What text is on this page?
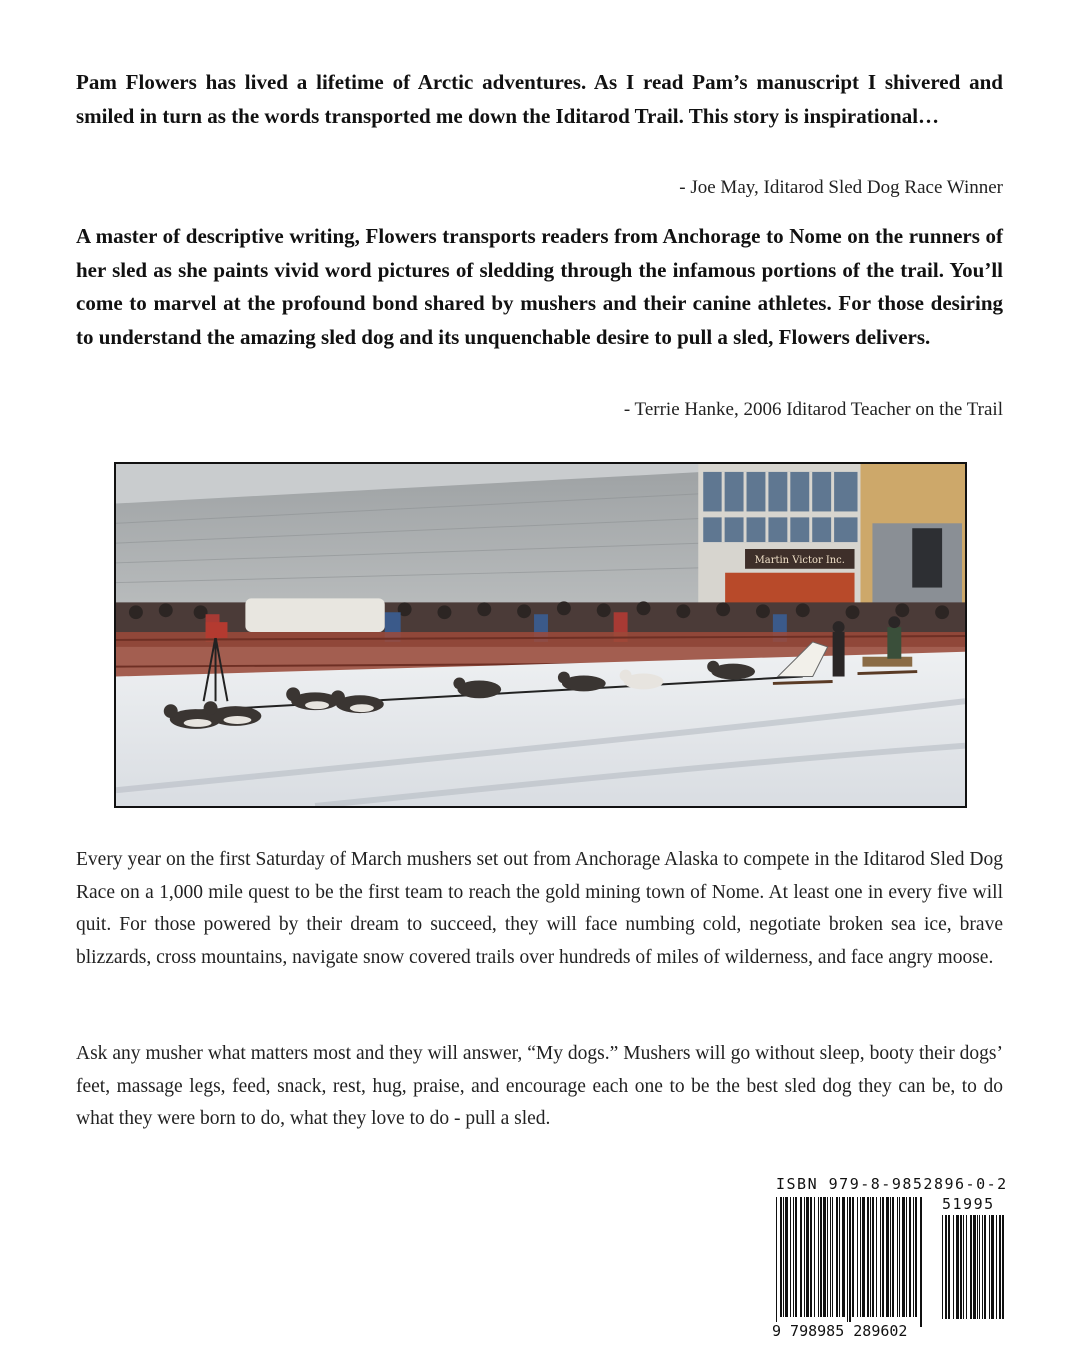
Pam Flowers has lived a lifetime of Arctic adventures. As I read Pam’s manuscript I shivered and smiled in turn as the words transported me down the Iditarod Trail. This story is inspirational…

- Joe May, Iditarod Sled Dog Race Winner

A master of descriptive writing, Flowers transports readers from Anchorage to Nome on the runners of her sled as she paints vivid word pictures of sledding through the infamous portions of the trail. You’ll come to marvel at the profound bond shared by mushers and their canine athletes. For those desiring to understand the amazing sled dog and its unquenchable desire to pull a sled, Flowers delivers.

- Terrie Hanke, 2006 Iditarod Teacher on the Trail

Martin Victor Inc.

Every year on the first Saturday of March mushers set out from Anchorage Alaska to compete in the Iditarod Sled Dog Race on a 1,000 mile quest to be the first team to reach the gold mining town of Nome. At least one in every five will quit. For those powered by their dream to succeed, they will face numbing cold, negotiate broken sea ice, brave blizzards, cross mountains, navigate snow covered trails over hundreds of miles of wilderness, and face angry moose.

Ask any musher what matters most and they will answer, “My dogs.” Mushers will go without sleep, booty their dogs’ feet, massage legs, feed, snack, rest, hug, praise, and encourage each one to be the best sled dog they can be, to do what they were born to do, what they love to do - pull a sled.

ISBN 979-8-9852896-0-2
51995
9 798985 289602
